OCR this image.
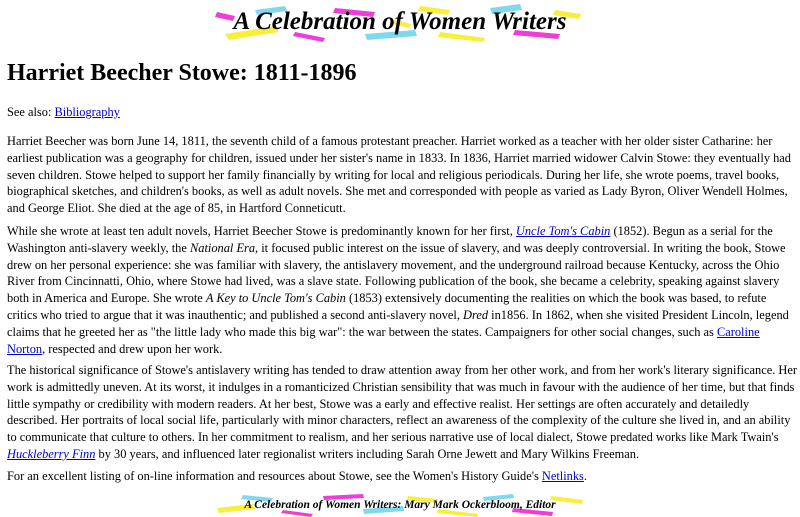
A Celebration of Women Writers
Harriet Beecher Stowe: 1811-1896

See also: Bibliography

Harriet Beecher was born June 14, 1811, the seventh child of a famous protestant preacher. Harriet worked as a teacher with her older sister Catharine: her earliest publication was a geography for children, issued under her sister's name in 1833. In 1836, Harriet married widower Calvin Stowe: they eventually had seven children. Stowe helped to support her family financially by writing for local and religious periodicals. During her life, she wrote poems, travel books, biographical sketches, and children's books, as well as adult novels. She met and corresponded with people as varied as Lady Byron, Oliver Wendell Holmes, and George Eliot. She died at the age of 85, in Hartford Conneticutt.

While she wrote at least ten adult novels, Harriet Beecher Stowe is predominantly known for her first, Uncle Tom's Cabin (1852). Begun as a serial for the Washington anti-slavery weekly, the National Era, it focused public interest on the issue of slavery, and was deeply controversial. In writing the book, Stowe drew on her personal experience: she was familiar with slavery, the antislavery movement, and the underground railroad because Kentucky, across the Ohio River from Cincinnatti, Ohio, where Stowe had lived, was a slave state. Following publication of the book, she became a celebrity, speaking against slavery both in America and Europe. She wrote A Key to Uncle Tom's Cabin (1853) extensively documenting the realities on which the book was based, to refute critics who tried to argue that it was inauthentic; and published a second anti-slavery novel, Dred in1856. In 1862, when she visited President Lincoln, legend claims that he greeted her as "the little lady who made this big war": the war between the states. Campaigners for other social changes, such as Caroline Norton, respected and drew upon her work.

The historical significance of Stowe's antislavery writing has tended to draw attention away from her other work, and from her work's literary significance. Her work is admittedly uneven. At its worst, it indulges in a romanticized Christian sensibility that was much in favour with the audience of her time, but that finds little sympathy or credibility with modern readers. At her best, Stowe was a early and effective realist. Her settings are often accurately and detailedly described. Her portraits of local social life, particularly with minor characters, reflect an awareness of the complexity of the culture she lived in, and an ability to communicate that culture to others. In her commitment to realism, and her serious narrative use of local dialect, Stowe predated works like Mark Twain's Huckleberry Finn by 30 years, and influenced later regionalist writers including Sarah Orne Jewett and Mary Wilkins Freeman.

For an excellent listing of on-line information and resources about Stowe, see the Women's History Guide's Netlinks.

A Celebration of Women Writers: Mary Mark Ockerbloom, Editor
